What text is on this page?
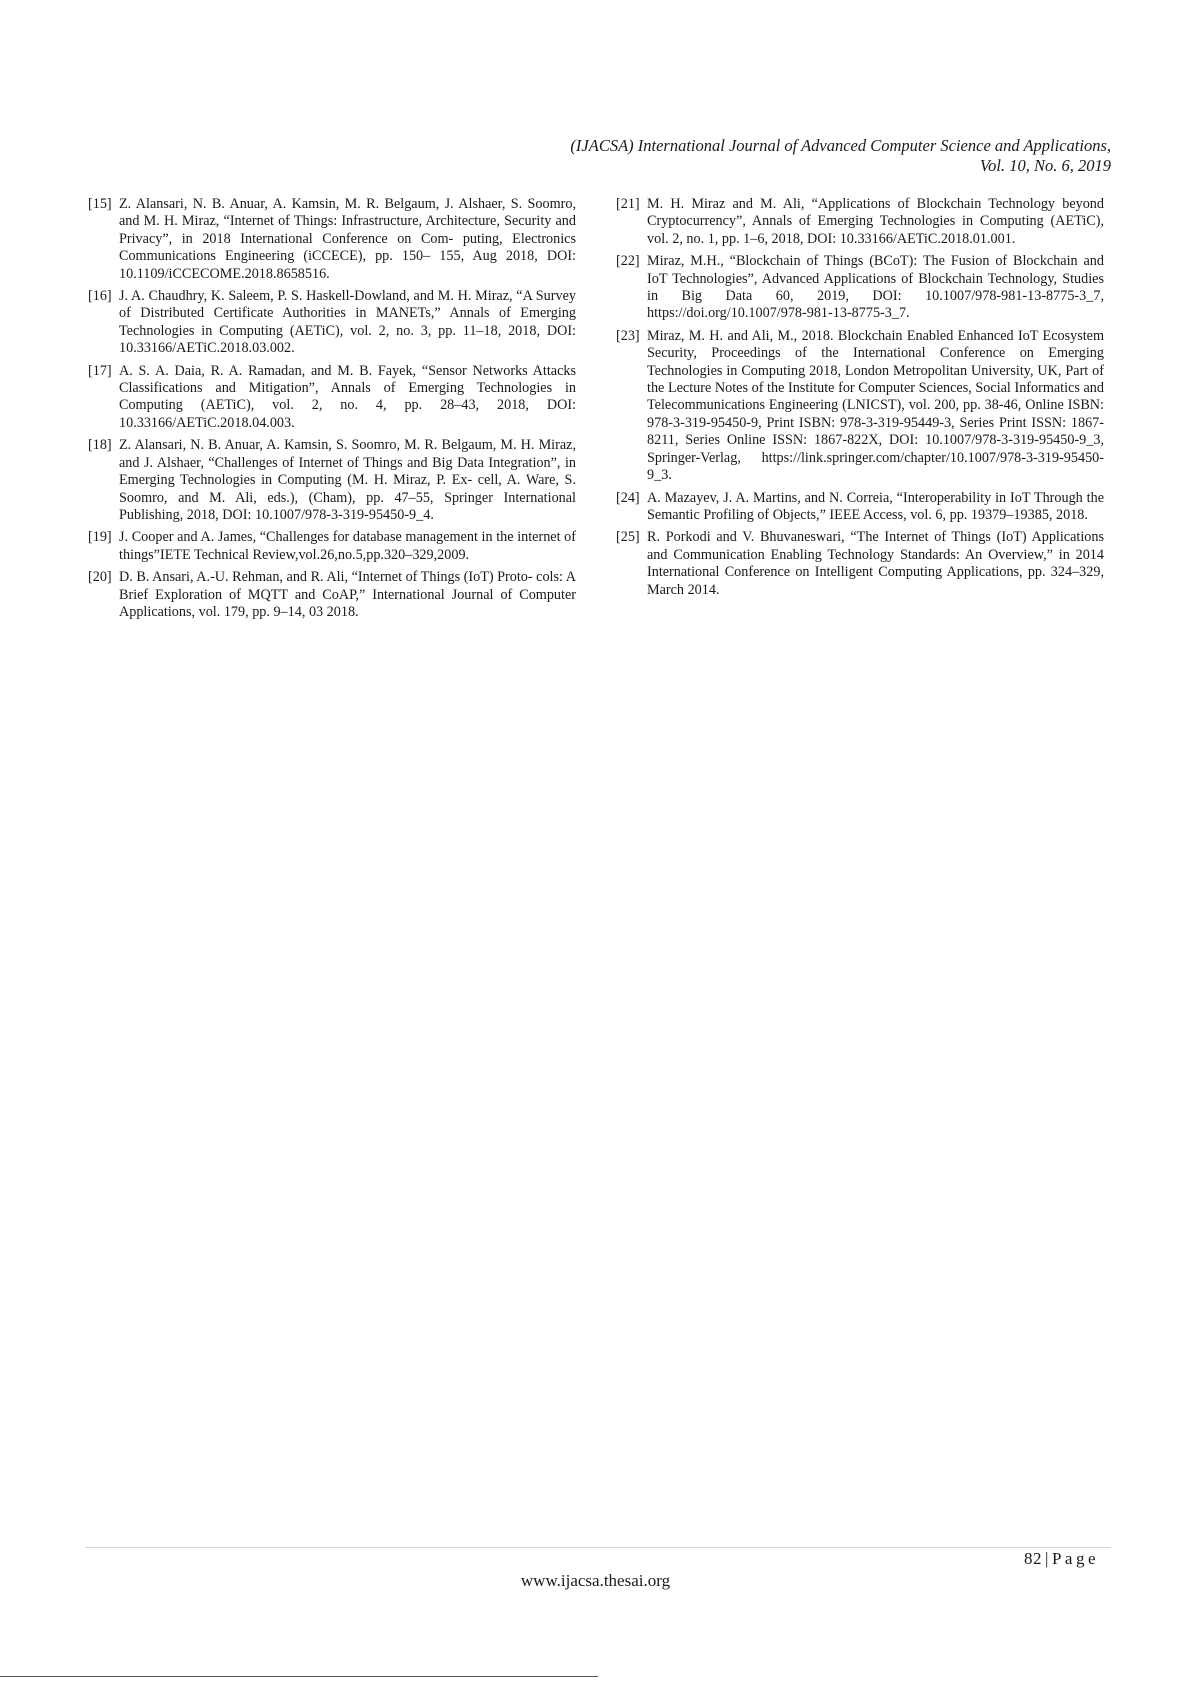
(IJACSA) International Journal of Advanced Computer Science and Applications,
Vol. 10, No. 6, 2019
[15] Z. Alansari, N. B. Anuar, A. Kamsin, M. R. Belgaum, J. Alshaer, S. Soomro, and M. H. Miraz, “Internet of Things: Infrastructure, Architecture, Security and Privacy”, in 2018 International Conference on Com- puting, Electronics Communications Engineering (iCCECE), pp. 150– 155, Aug 2018, DOI: 10.1109/iCCECOME.2018.8658516.
[16] J. A. Chaudhry, K. Saleem, P. S. Haskell-Dowland, and M. H. Miraz, “A Survey of Distributed Certificate Authorities in MANETs,” Annals of Emerging Technologies in Computing (AETiC), vol. 2, no. 3, pp. 11–18, 2018, DOI: 10.33166/AETiC.2018.03.002.
[17] A. S. A. Daia, R. A. Ramadan, and M. B. Fayek, “Sensor Networks Attacks Classifications and Mitigation”, Annals of Emerging Technologies in Computing (AETiC), vol. 2, no. 4, pp. 28–43, 2018, DOI: 10.33166/AETiC.2018.04.003.
[18] Z. Alansari, N. B. Anuar, A. Kamsin, S. Soomro, M. R. Belgaum, M. H. Miraz, and J. Alshaer, “Challenges of Internet of Things and Big Data Integration”, in Emerging Technologies in Computing (M. H. Miraz, P. Ex- cell, A. Ware, S. Soomro, and M. Ali, eds.), (Cham), pp. 47–55, Springer International Publishing, 2018, DOI: 10.1007/978-3-319-95450-9_4.
[19] J. Cooper and A. James, “Challenges for database management in the internet of things”IETE Technical Review,vol.26,no.5,pp.320–329,2009.
[20] D. B. Ansari, A.-U. Rehman, and R. Ali, “Internet of Things (IoT) Proto- cols: A Brief Exploration of MQTT and CoAP,” International Journal of Computer Applications, vol. 179, pp. 9–14, 03 2018.
[21] M. H. Miraz and M. Ali, “Applications of Blockchain Technology beyond Cryptocurrency”, Annals of Emerging Technologies in Computing (AETiC), vol. 2, no. 1, pp. 1–6, 2018, DOI: 10.33166/AETiC.2018.01.001.
[22] Miraz, M.H., “Blockchain of Things (BCoT): The Fusion of Blockchain and IoT Technologies”, Advanced Applications of Blockchain Technology, Studies in Big Data 60, 2019, DOI: 10.1007/978-981-13-8775-3_7, https://doi.org/10.1007/978-981-13-8775-3_7.
[23] Miraz, M. H. and Ali, M., 2018. Blockchain Enabled Enhanced IoT Ecosystem Security, Proceedings of the International Conference on Emerging Technologies in Computing 2018, London Metropolitan University, UK, Part of the Lecture Notes of the Institute for Computer Sciences, Social Informatics and Telecommunications Engineering (LNICST), vol. 200, pp. 38-46, Online ISBN: 978-3-319-95450-9, Print ISBN: 978-3-319-95449-3, Series Print ISSN: 1867-8211, Series Online ISSN: 1867-822X, DOI: 10.1007/978-3-319-95450-9_3, Springer-Verlag, https://link.springer.com/chapter/10.1007/978-3-319-95450-9_3.
[24] A. Mazayev, J. A. Martins, and N. Correia, “Interoperability in IoT Through the Semantic Profiling of Objects,” IEEE Access, vol. 6, pp. 19379–19385, 2018.
[25] R. Porkodi and V. Bhuvaneswari, “The Internet of Things (IoT) Applications and Communication Enabling Technology Standards: An Overview,” in 2014 International Conference on Intelligent Computing Applications, pp. 324–329, March 2014.
82 | Page
www.ijacsa.thesai.org
